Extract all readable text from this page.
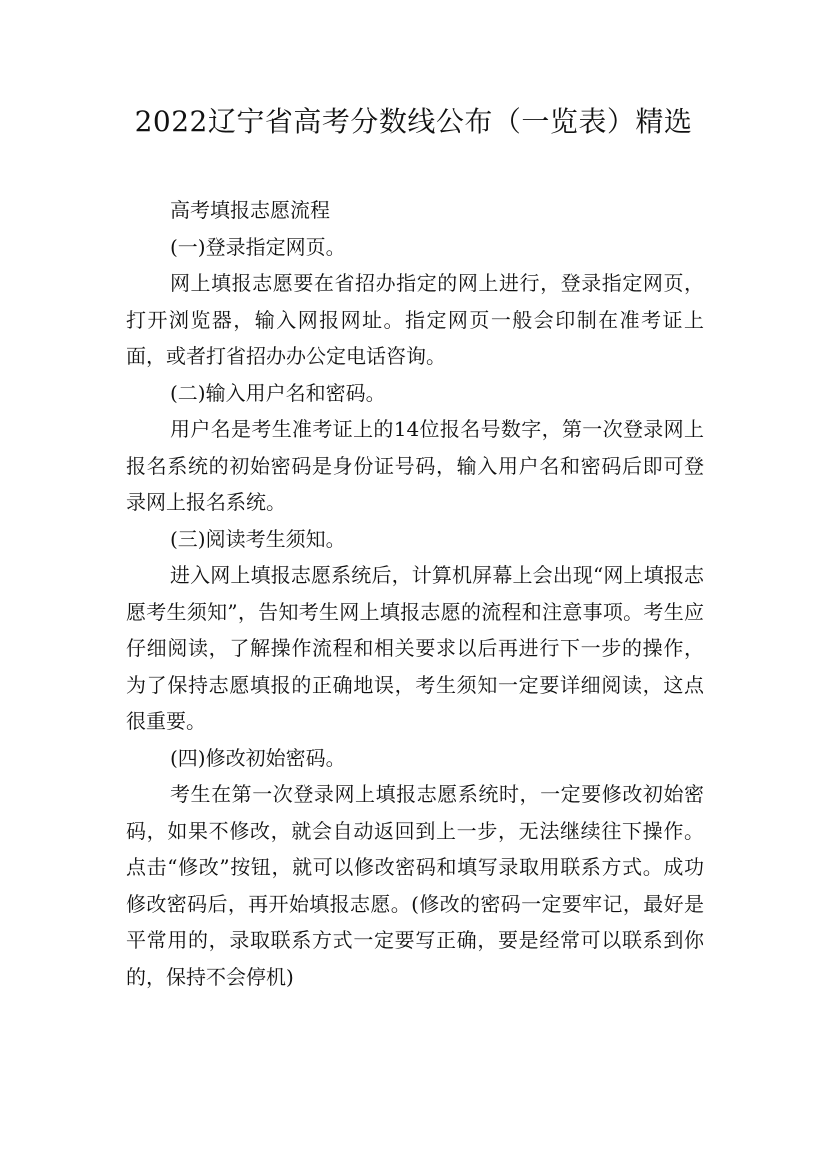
2022辽宁省高考分数线公布（一览表）精选

高考填报志愿流程

(一)登录指定网页。

网上填报志愿要在省招办指定的网上进行，登录指定网页，打开浏览器，输入网报网址。指定网页一般会印制在准考证上面，或者打省招办办公定电话咨询。

(二)输入用户名和密码。

用户名是考生准考证上的14位报名号数字，第一次登录网上报名系统的初始密码是身份证号码，输入用户名和密码后即可登录网上报名系统。

(三)阅读考生须知。

进入网上填报志愿系统后，计算机屏幕上会出现“网上填报志愿考生须知”，告知考生网上填报志愿的流程和注意事项。考生应仔细阅读，了解操作流程和相关要求以后再进行下一步的操作，为了保持志愿填报的正确地误，考生须知一定要详细阅读，这点很重要。

(四)修改初始密码。

考生在第一次登录网上填报志愿系统时，一定要修改初始密码，如果不修改，就会自动返回到上一步，无法继续往下操作。点击“修改”按钮，就可以修改密码和填写录取用联系方式。成功修改密码后，再开始填报志愿。(修改的密码一定要牢记，最好是平常用的，录取联系方式一定要写正确，要是经常可以联系到你的，保持不会停机)
